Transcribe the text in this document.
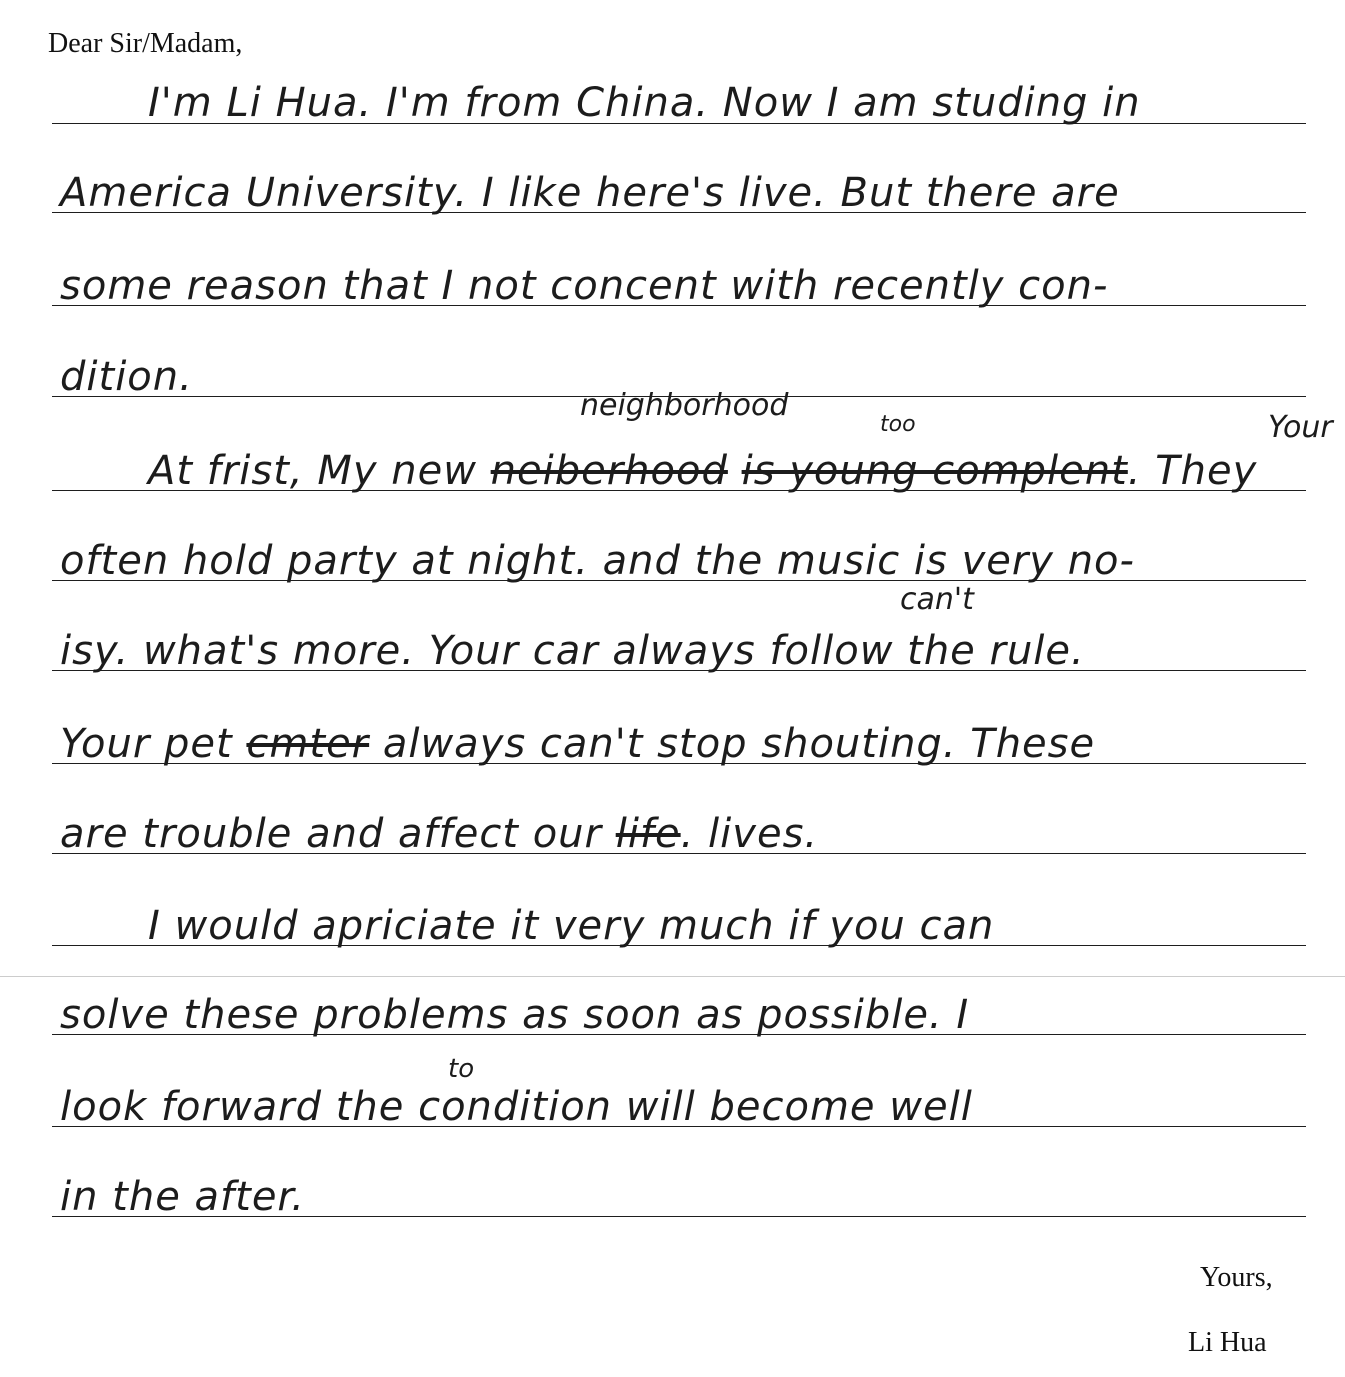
Dear Sir/Madam,
I'm Li Hua. I'm from China. Now I am studing in
America University. I like here's live. But there are
some reason that I not concent with recently con-
dition.
At frist, My new neiberhood is young complent. They
often hold party at night. and the music is very no-
isy. what's more. Your car always follow the rule.
Your pet cmter always can't stop shouting. These
are trouble and affect our life. lives.
I would apriciate it very much if you can
solve these problems as soon as possible. I
look forward the condition will become well
in the after.
neighborhood
too	Your
can't
to
Yours,
Li Hua
